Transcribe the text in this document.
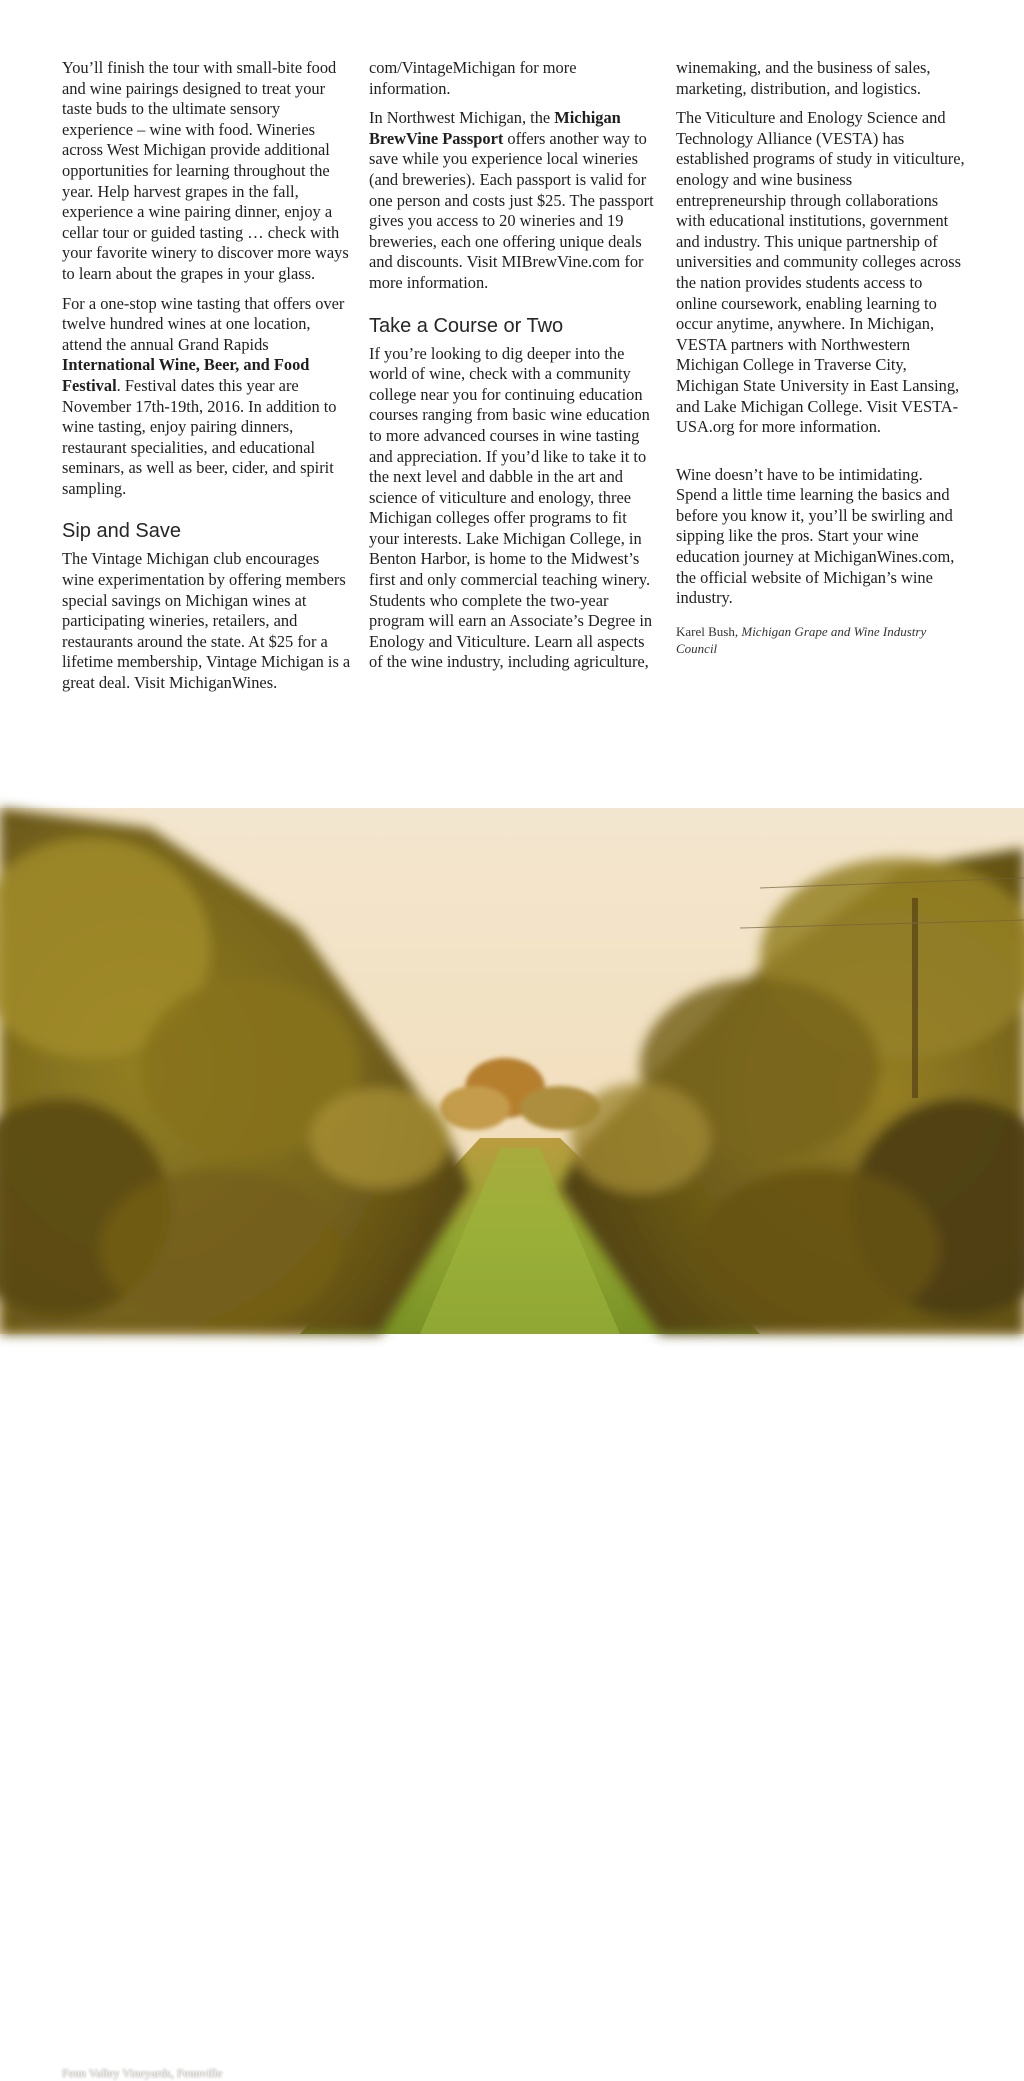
You’ll finish the tour with small-bite food and wine pairings designed to treat your taste buds to the ultimate sensory experience – wine with food. Wineries across West Michigan provide additional opportunities for learning throughout the year. Help harvest grapes in the fall, experience a wine pairing dinner, enjoy a cellar tour or guided tasting … check with your favorite winery to discover more ways to learn about the grapes in your glass.

For a one-stop wine tasting that offers over twelve hundred wines at one location, attend the annual Grand Rapids International Wine, Beer, and Food Festival. Festival dates this year are November 17th-19th, 2016. In addition to wine tasting, enjoy pairing dinners, restaurant specialities, and educational seminars, as well as beer, cider, and spirit sampling.

Sip and Save

The Vintage Michigan club encourages wine experimentation by offering members special savings on Michigan wines at participating wineries, retailers, and restaurants around the state. At $25 for a lifetime membership, Vintage Michigan is a great deal. Visit MichiganWines.

com/VintageMichigan for more information.

In Northwest Michigan, the Michigan BrewVine Passport offers another way to save while you experience local wineries (and breweries). Each passport is valid for one person and costs just $25. The passport gives you access to 20 wineries and 19 breweries, each one offering unique deals and discounts. Visit MIBrewVine.com for more information.

Take a Course or Two

If you’re looking to dig deeper into the world of wine, check with a community college near you for continuing education courses ranging from basic wine education to more advanced courses in wine tasting and appreciation. If you’d like to take it to the next level and dabble in the art and science of viticulture and enology, three Michigan colleges offer programs to fit your interests. Lake Michigan College, in Benton Harbor, is home to the Midwest’s first and only commercial teaching winery. Students who complete the two-year program will earn an Associate’s Degree in Enology and Viticulture. Learn all aspects of the wine industry, including agriculture,

winemaking, and the business of sales, marketing, distribution, and logistics.

The Viticulture and Enology Science and Technology Alliance (VESTA) has established programs of study in viticulture, enology and wine business entrepreneurship through collaborations with educational institutions, government and industry. This unique partnership of universities and community colleges across the nation provides students access to online coursework, enabling learning to occur anytime, anywhere. In Michigan, VESTA partners with Northwestern Michigan College in Traverse City, Michigan State University in East Lansing, and Lake Michigan College. Visit VESTA-USA.org for more information.

Wine doesn’t have to be intimidating. Spend a little time learning the basics and before you know it, you’ll be swirling and sipping like the pros. Start your wine education journey at MichiganWines.com, the official website of Michigan’s wine industry.

Karel Bush, Michigan Grape and Wine Industry Council
Fenn Valley Vineyards, Fennville
